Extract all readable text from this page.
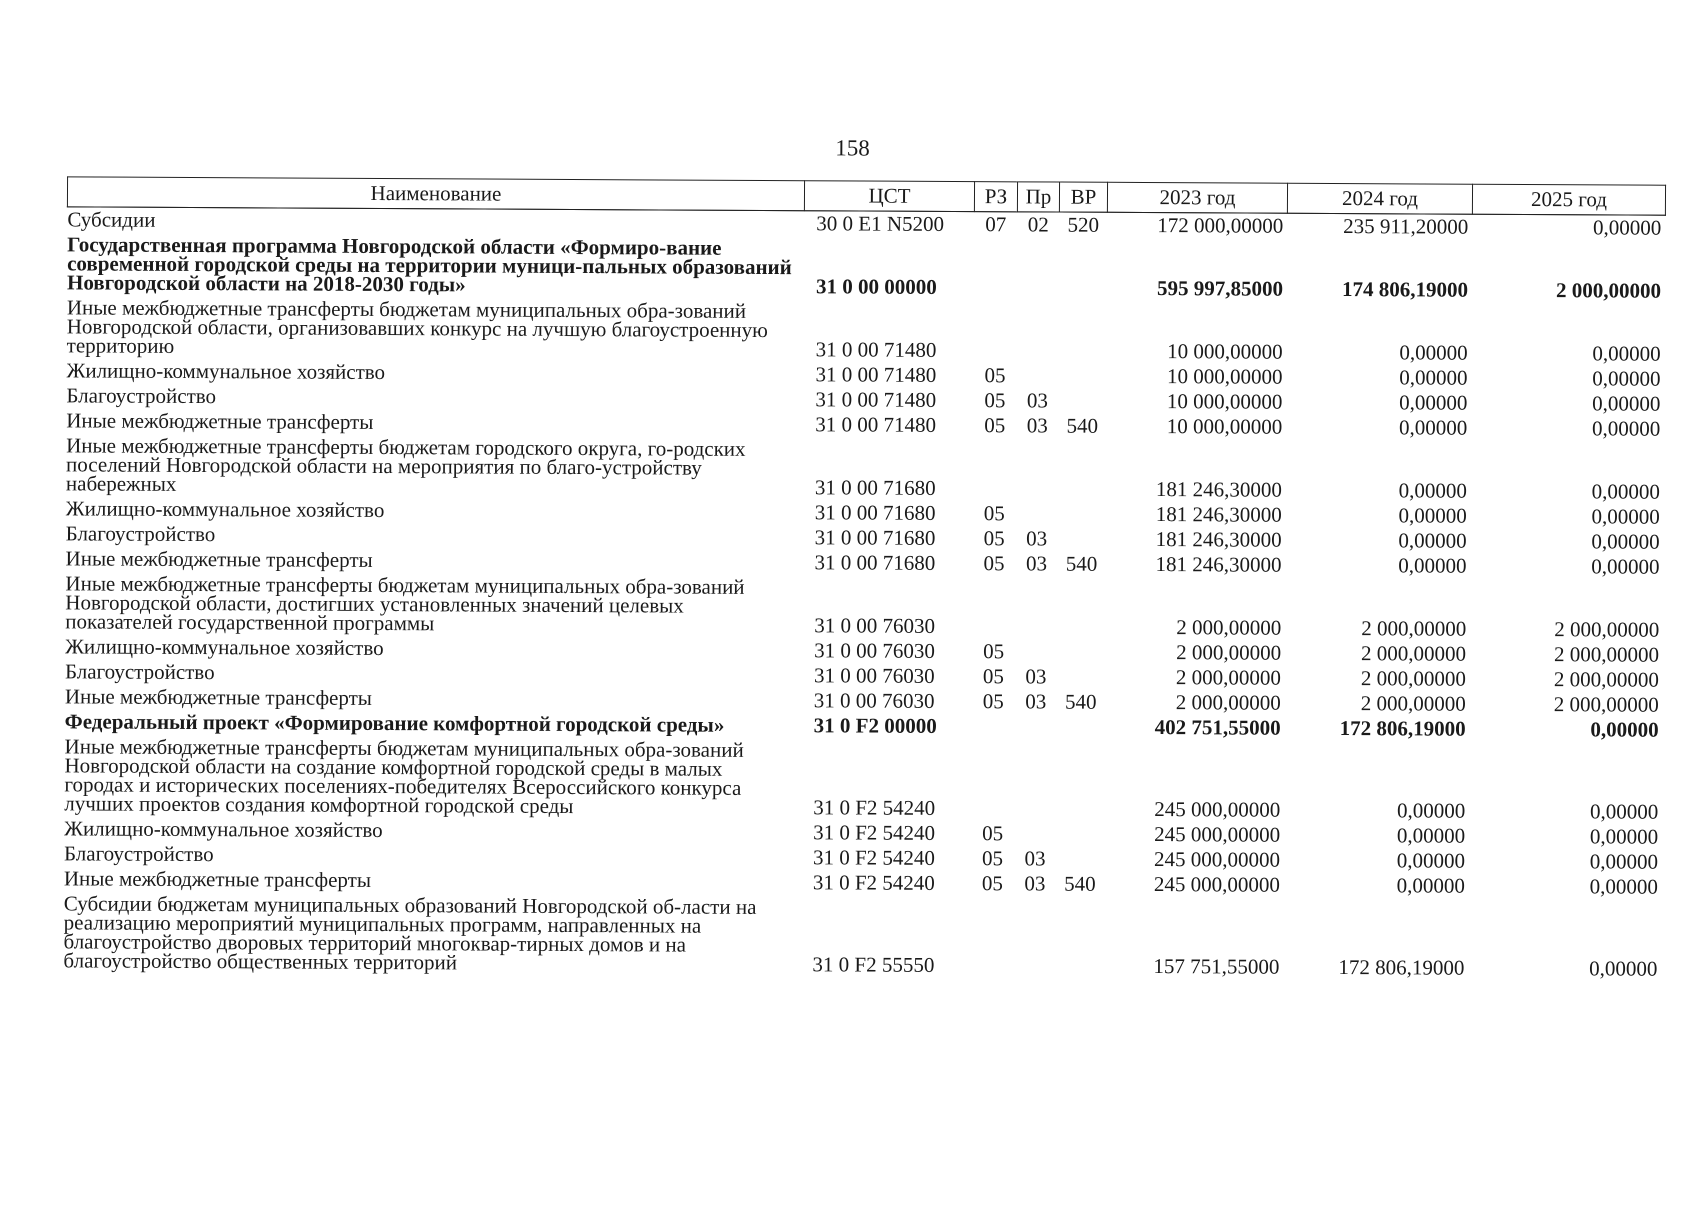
158
Наименование	ЦСТ	РЗ	Пр	ВР	2023 год	2024 год	2025 год
Субсидии	30 0 E1 N5200	07	02	520	172 000,00000	235 911,20000	0,00000
Государственная программа Новгородской области «Формиро-вание современной городской среды на территории муници-пальных образований Новгородской области на 2018-2030 годы»	31 0 00 00000				595 997,85000	174 806,19000	2 000,00000
Иные межбюджетные трансферты бюджетам муниципальных обра-зований Новгородской области, организовавших конкурс на лучшую благоустроенную территорию	31 0 00 71480				10 000,00000	0,00000	0,00000
Жилищно-коммунальное хозяйство	31 0 00 71480	05			10 000,00000	0,00000	0,00000
Благоустройство	31 0 00 71480	05	03		10 000,00000	0,00000	0,00000
Иные межбюджетные трансферты	31 0 00 71480	05	03	540	10 000,00000	0,00000	0,00000
Иные межбюджетные трансферты бюджетам городского округа, го-родских поселений Новгородской области на мероприятия по благо-устройству набережных	31 0 00 71680				181 246,30000	0,00000	0,00000
Жилищно-коммунальное хозяйство	31 0 00 71680	05			181 246,30000	0,00000	0,00000
Благоустройство	31 0 00 71680	05	03		181 246,30000	0,00000	0,00000
Иные межбюджетные трансферты	31 0 00 71680	05	03	540	181 246,30000	0,00000	0,00000
Иные межбюджетные трансферты бюджетам муниципальных обра-зований Новгородской области, достигших установленных значений целевых показателей государственной программы	31 0 00 76030				2 000,00000	2 000,00000	2 000,00000
Жилищно-коммунальное хозяйство	31 0 00 76030	05			2 000,00000	2 000,00000	2 000,00000
Благоустройство	31 0 00 76030	05	03		2 000,00000	2 000,00000	2 000,00000
Иные межбюджетные трансферты	31 0 00 76030	05	03	540	2 000,00000	2 000,00000	2 000,00000
Федеральный проект «Формирование комфортной городской среды»	31 0 F2 00000				402 751,55000	172 806,19000	0,00000
Иные межбюджетные трансферты бюджетам муниципальных обра-зований Новгородской области на создание комфортной городской среды в малых городах и исторических поселениях-победителях Всероссийского конкурса лучших проектов создания комфортной городской среды	31 0 F2 54240				245 000,00000	0,00000	0,00000
Жилищно-коммунальное хозяйство	31 0 F2 54240	05			245 000,00000	0,00000	0,00000
Благоустройство	31 0 F2 54240	05	03		245 000,00000	0,00000	0,00000
Иные межбюджетные трансферты	31 0 F2 54240	05	03	540	245 000,00000	0,00000	0,00000
Субсидии бюджетам муниципальных образований Новгородской об-ласти на реализацию мероприятий муниципальных программ, направленных на благоустройство дворовых территорий многоквар-тирных домов и на благоустройство общественных территорий	31 0 F2 55550				157 751,55000	172 806,19000	0,00000
